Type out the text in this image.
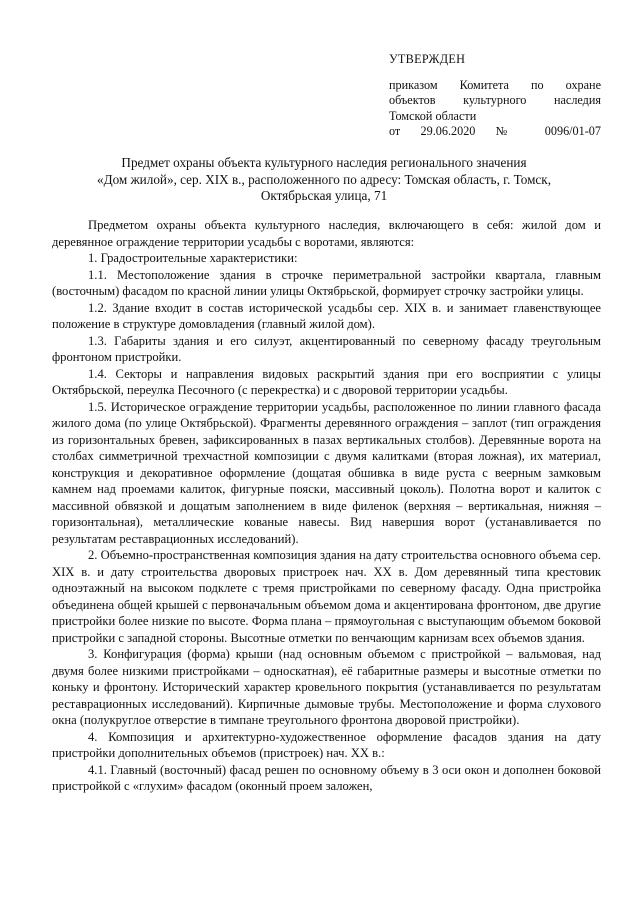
УТВЕРЖДЕН
приказом Комитета по охране
объектов культурного наследия
Томской области
от 29.06.2020 № 0096/01-07
Предмет охраны объекта культурного наследия регионального значения
«Дом жилой», сер. XIX в., расположенного по адресу: Томская область, г. Томск,
Октябрьская улица, 71

Предметом охраны объекта культурного наследия, включающего в себя: жилой дом и деревянное ограждение территории усадьбы с воротами, являются:

1. Градостроительные характеристики:

1.1. Местоположение здания в строчке периметральной застройки квартала, главным (восточным) фасадом по красной линии улицы Октябрьской, формирует строчку застройки улицы.

1.2. Здание входит в состав исторической усадьбы сер. XIX в. и занимает главенствующее положение в структуре домовладения (главный жилой дом).

1.3. Габариты здания и его силуэт, акцентированный по северному фасаду треугольным фронтоном пристройки.

1.4. Секторы и направления видовых раскрытий здания при его восприятии с улицы Октябрьской, переулка Песочного (с перекрестка) и с дворовой территории усадьбы.

1.5. Историческое ограждение территории усадьбы, расположенное по линии главного фасада жилого дома (по улице Октябрьской). Фрагменты деревянного ограждения – заплот (тип ограждения из горизонтальных бревен, зафиксированных в пазах вертикальных столбов). Деревянные ворота на столбах симметричной трехчастной композиции с двумя калитками (вторая ложная), их материал, конструкция и декоративное оформление (дощатая обшивка в виде руста с веерным замковым камнем над проемами калиток, фигурные пояски, массивный цоколь). Полотна ворот и калиток с массивной обвязкой и дощатым заполнением в виде филенок (верхняя – вертикальная, нижняя – горизонтальная), металлические кованые навесы. Вид навершия ворот (устанавливается по результатам реставрационных исследований).

2. Объемно-пространственная композиция здания на дату строительства основного объема сер. XIX в. и дату строительства дворовых пристроек нач. XX в. Дом деревянный типа крестовик одноэтажный на высоком подклете с тремя пристройками по северному фасаду. Одна пристройка объединена общей крышей с первоначальным объемом дома и акцентирована фронтоном, две другие пристройки более низкие по высоте. Форма плана – прямоугольная с выступающим объемом боковой пристройки с западной стороны. Высотные отметки по венчающим карнизам всех объемов здания.

3. Конфигурация (форма) крыши (над основным объемом с пристройкой – вальмовая, над двумя более низкими пристройками – односкатная), её габаритные размеры и высотные отметки по коньку и фронтону. Исторический характер кровельного покрытия (устанавливается по результатам реставрационных исследований). Кирпичные дымовые трубы. Местоположение и форма слухового окна (полукруглое отверстие в тимпане треугольного фронтона дворовой пристройки).

4. Композиция и архитектурно-художественное оформление фасадов здания на дату пристройки дополнительных объемов (пристроек) нач. XX в.:

4.1. Главный (восточный) фасад решен по основному объему в 3 оси окон и дополнен боковой пристройкой с «глухим» фасадом (оконный проем заложен,
